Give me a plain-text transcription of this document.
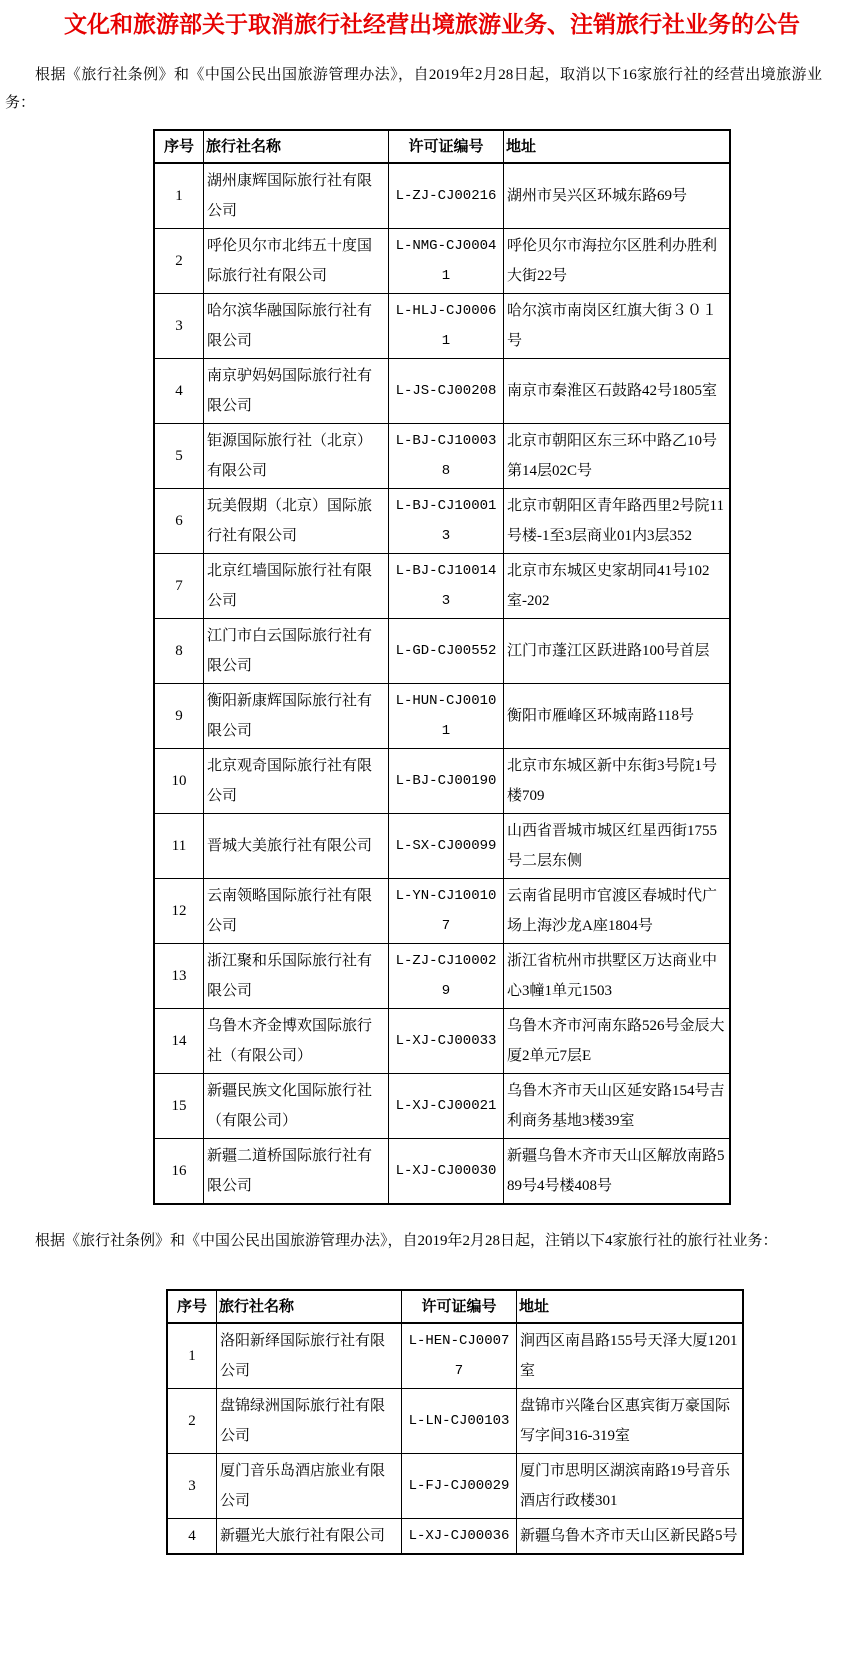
文化和旅游部关于取消旅行社经营出境旅游业务、注销旅行社业务的公告

根据《旅行社条例》和《中国公民出国旅游管理办法》，自2019年2月28日起，取消以下16家旅行社的经营出境旅游业务：

序号	旅行社名称	许可证编号	地址
1	湖州康辉国际旅行社有限公司	L-ZJ-CJ00216	湖州市吴兴区环城东路69号
2	呼伦贝尔市北纬五十度国际旅行社有限公司	L-NMG-CJ00041	呼伦贝尔市海拉尔区胜利办胜利大街22号
3	哈尔滨华融国际旅行社有限公司	L-HLJ-CJ00061	哈尔滨市南岗区红旗大街３０１号
4	南京驴妈妈国际旅行社有限公司	L-JS-CJ00208	南京市秦淮区石鼓路42号1805室
5	钜源国际旅行社（北京）有限公司	L-BJ-CJ100038	北京市朝阳区东三环中路乙10号第14层02C号
6	玩美假期（北京）国际旅行社有限公司	L-BJ-CJ100013	北京市朝阳区青年路西里2号院11号楼-1至3层商业01内3层352
7	北京红墙国际旅行社有限公司	L-BJ-CJ100143	北京市东城区史家胡同41号102室-202
8	江门市白云国际旅行社有限公司	L-GD-CJ00552	江门市蓬江区跃进路100号首层
9	衡阳新康辉国际旅行社有限公司	L-HUN-CJ00101	衡阳市雁峰区环城南路118号
10	北京观奇国际旅行社有限公司	L-BJ-CJ00190	北京市东城区新中东街3号院1号楼709
11	晋城大美旅行社有限公司	L-SX-CJ00099	山西省晋城市城区红星西街1755号二层东侧
12	云南领略国际旅行社有限公司	L-YN-CJ100107	云南省昆明市官渡区春城时代广场上海沙龙A座1804号
13	浙江聚和乐国际旅行社有限公司	L-ZJ-CJ100029	浙江省杭州市拱墅区万达商业中心3幢1单元1503
14	乌鲁木齐金博欢国际旅行社（有限公司）	L-XJ-CJ00033	乌鲁木齐市河南东路526号金辰大厦2单元7层E
15	新疆民族文化国际旅行社（有限公司）	L-XJ-CJ00021	乌鲁木齐市天山区延安路154号吉利商务基地3楼39室
16	新疆二道桥国际旅行社有限公司	L-XJ-CJ00030	新疆乌鲁木齐市天山区解放南路589号4号楼408号

根据《旅行社条例》和《中国公民出国旅游管理办法》，自2019年2月28日起，注销以下4家旅行社的旅行社业务：

序号	旅行社名称	许可证编号	地址
1	洛阳新绎国际旅行社有限公司	L-HEN-CJ00077	涧西区南昌路155号天泽大厦1201室
2	盘锦绿洲国际旅行社有限公司	L-LN-CJ00103	盘锦市兴隆台区惠宾街万豪国际写字间316-319室
3	厦门音乐岛酒店旅业有限公司	L-FJ-CJ00029	厦门市思明区湖滨南路19号音乐酒店行政楼301
4	新疆光大旅行社有限公司	L-XJ-CJ00036	新疆乌鲁木齐市天山区新民路5号
